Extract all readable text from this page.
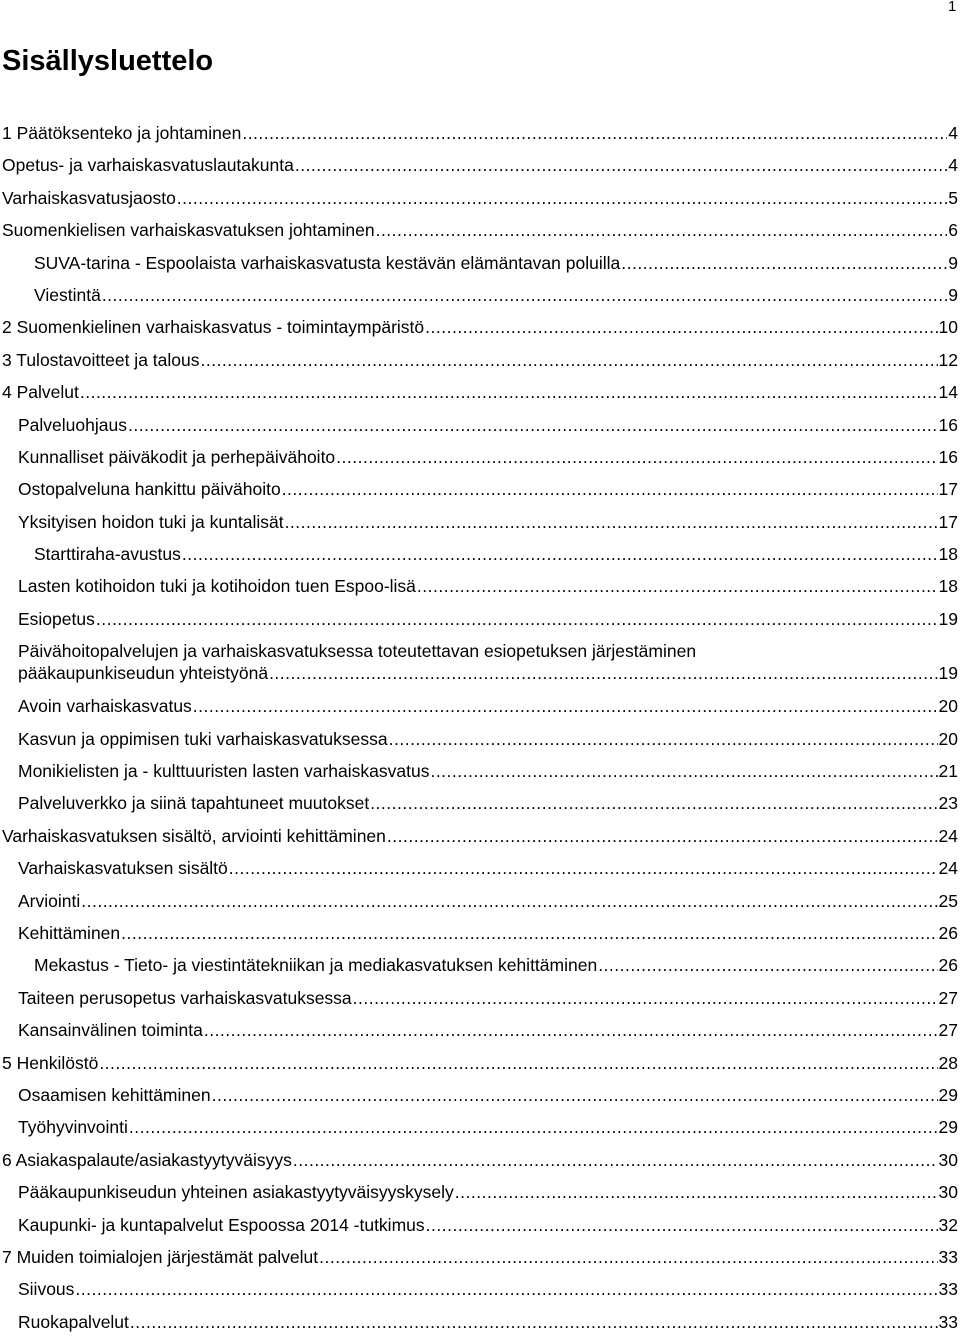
1
Sisällysluettelo
1 Päätöksenteko ja johtaminen .....	4
Opetus- ja varhaiskasvatuslautakunta .....	4
Varhaiskasvatusjaosto .....	5
Suomenkielisen varhaiskasvatuksen johtaminen .....	6
SUVA-tarina - Espoolaista varhaiskasvatusta kestävän elämäntavan poluilla .....	9
Viestintä .....	9
2 Suomenkielinen varhaiskasvatus - toimintaympäristö .....	10
3 Tulostavoitteet ja talous .....	12
4 Palvelut .....	14
Palveluohjaus .....	16
Kunnalliset päiväkodit ja perhepäivähoito .....	16
Ostopalveluna hankittu päivähoito .....	17
Yksityisen hoidon tuki ja kuntalisät .....	17
Starttiraha-avustus .....	18
Lasten kotihoidon tuki ja kotihoidon tuen Espoo-lisä .....	18
Esiopetus .....	19
Päivähoitopalvelujen ja varhaiskasvatuksessa toteutettavan esiopetuksen järjestäminen
pääkaupunkiseudun yhteistyönä .....	19
Avoin varhaiskasvatus .....	20
Kasvun ja oppimisen tuki varhaiskasvatuksessa .....	20
Monikielisten ja - kulttuuristen lasten varhaiskasvatus .....	21
Palveluverkko ja siinä tapahtuneet muutokset .....	23
Varhaiskasvatuksen sisältö, arviointi kehittäminen .....	24
Varhaiskasvatuksen sisältö .....	24
Arviointi .....	25
Kehittäminen .....	26
Mekastus - Tieto- ja viestintätekniikan ja mediakasvatuksen kehittäminen .....	26
Taiteen perusopetus varhaiskasvatuksessa .....	27
Kansainvälinen toiminta .....	27
5 Henkilöstö .....	28
Osaamisen kehittäminen .....	29
Työhyvinvointi .....	29
6 Asiakaspalaute/asiakastyytyväisyys .....	30
Pääkaupunkiseudun yhteinen asiakastyytyväisyyskysely .....	30
Kaupunki- ja kuntapalvelut Espoossa 2014 -tutkimus .....	32
7 Muiden toimialojen järjestämät palvelut .....	33
Siivous .....	33
Ruokapalvelut .....	33
